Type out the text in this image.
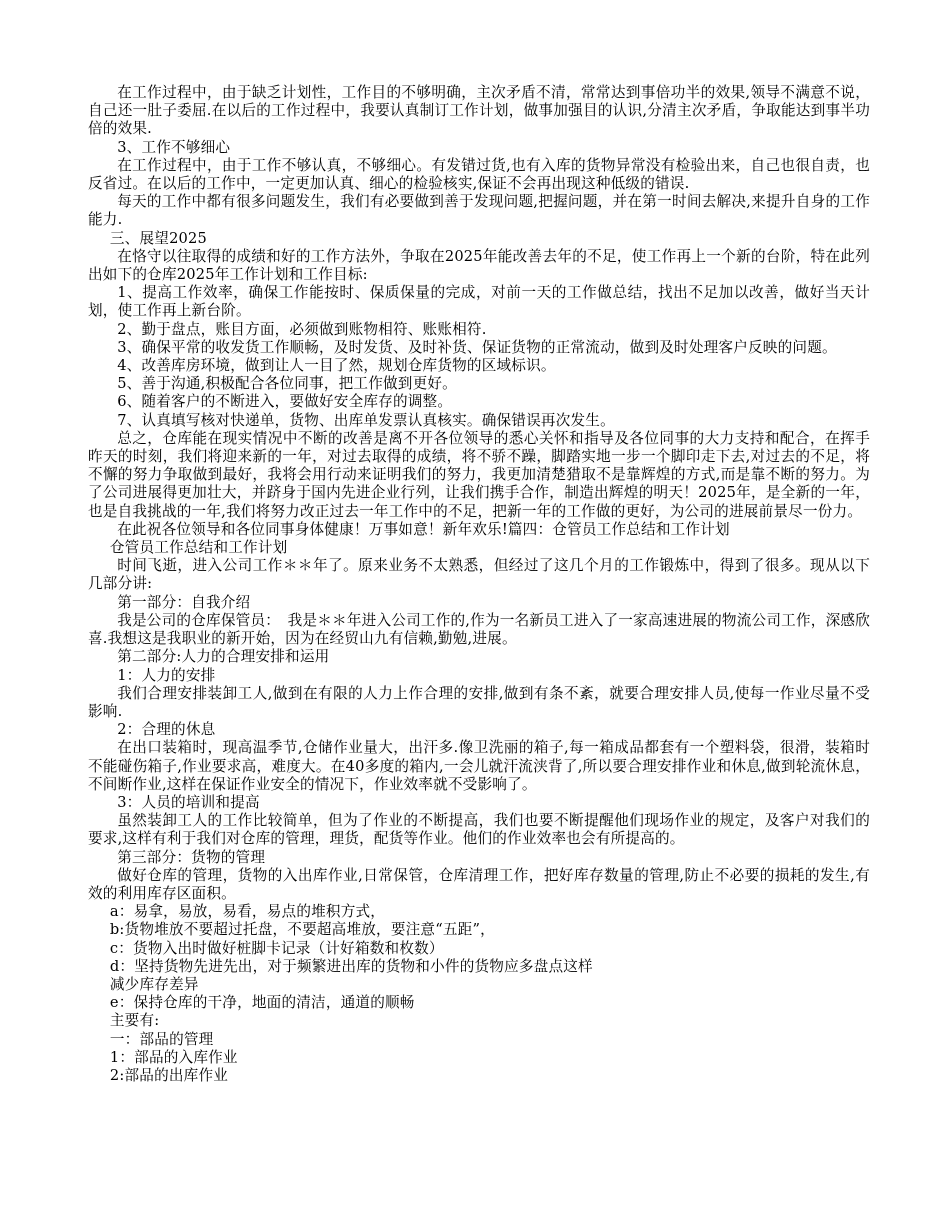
在工作过程中，由于缺乏计划性，工作目的不够明确，主次矛盾不清，常常达到事倍功半的效果,领导不满意不说，自己还一肚子委屈.在以后的工作过程中，我要认真制订工作计划，做事加强目的认识,分清主次矛盾，争取能达到事半功倍的效果.

3、工作不够细心

在工作过程中，由于工作不够认真，不够细心。有发错过货,也有入库的货物异常没有检验出来，自己也很自责，也反省过。在以后的工作中，一定更加认真、细心的检验核实,保证不会再出现这种低级的错误.

每天的工作中都有很多问题发生，我们有必要做到善于发现问题,把握问题，并在第一时间去解决,来提升自身的工作能力.

三、展望2025

在恪守以往取得的成绩和好的工作方法外，争取在2025年能改善去年的不足，使工作再上一个新的台阶，特在此列出如下的仓库2025年工作计划和工作目标:

1、提高工作效率，确保工作能按时、保质保量的完成，对前一天的工作做总结，找出不足加以改善，做好当天计划，使工作再上新台阶。

2、勤于盘点，账目方面，必须做到账物相符、账账相符.

3、确保平常的收发货工作顺畅，及时发货、及时补货、保证货物的正常流动，做到及时处理客户反映的问题。

4、改善库房环境，做到让人一目了然，规划仓库货物的区域标识。

5、善于沟通,积极配合各位同事，把工作做到更好。

6、随着客户的不断进入，要做好安全库存的调整。

7、认真填写核对快递单，货物、出库单发票认真核实。确保错误再次发生。

总之，仓库能在现实情况中不断的改善是离不开各位领导的悉心关怀和指导及各位同事的大力支持和配合，在挥手昨天的时刻，我们将迎来新的一年，对过去取得的成绩，将不骄不躁，脚踏实地一步一个脚印走下去,对过去的不足，将不懈的努力争取做到最好，我将会用行动来证明我们的努力，我更加清楚猎取不是靠辉煌的方式,而是靠不断的努力。为了公司进展得更加壮大，并跻身于国内先进企业行列，让我们携手合作，制造出辉煌的明天！2025年，是全新的一年，也是自我挑战的一年,我们将努力改正过去一年工作中的不足，把新一年的工作做的更好，为公司的进展前景尽一份力。

在此祝各位领导和各位同事身体健康！万事如意！新年欢乐!篇四：仓管员工作总结和工作计划

仓管员工作总结和工作计划

时间飞逝，进入公司工作＊＊年了。原来业务不太熟悉，但经过了这几个月的工作锻炼中，得到了很多。现从以下几部分讲:

第一部分：自我介绍

我是公司的仓库保管员：　我是＊＊年进入公司工作的,作为一名新员工进入了一家高速进展的物流公司工作，深感欣喜.我想这是我职业的新开始，因为在经贸山九有信赖,勤勉,进展。

第二部分:人力的合理安排和运用

1：人力的安排

我们合理安排装卸工人,做到在有限的人力上作合理的安排,做到有条不紊，就要合理安排人员,使每一作业尽量不受影响.

2：合理的休息

在出口装箱时，现高温季节,仓储作业量大，出汗多.像卫洗丽的箱子,每一箱成品都套有一个塑料袋，很滑，装箱时不能碰伤箱子,作业要求高，难度大。在40多度的箱内,一会儿就汗流浃背了,所以要合理安排作业和休息,做到轮流休息，不间断作业,这样在保证作业安全的情况下，作业效率就不受影响了。

3：人员的培训和提高

虽然装卸工人的工作比较简单，但为了作业的不断提高，我们也要不断提醒他们现场作业的规定，及客户对我们的要求,这样有利于我们对仓库的管理，理货，配货等作业。他们的作业效率也会有所提高的。

第三部分：货物的管理

做好仓库的管理，货物的入出库作业,日常保管，仓库清理工作，把好库存数量的管理,防止不必要的损耗的发生,有效的利用库存区面积。

a：易拿，易放，易看，易点的堆积方式，

b:货物堆放不要超过托盘，不要超高堆放，要注意“五距”，

c：货物入出时做好桩脚卡记录（计好箱数和枚数）

d：坚持货物先进先出，对于频繁进出库的货物和小件的货物应多盘点这样

减少库存差异

e：保持仓库的干净，地面的清洁，通道的顺畅

主要有:

一：部品的管理

1：部品的入库作业

2:部品的出库作业
